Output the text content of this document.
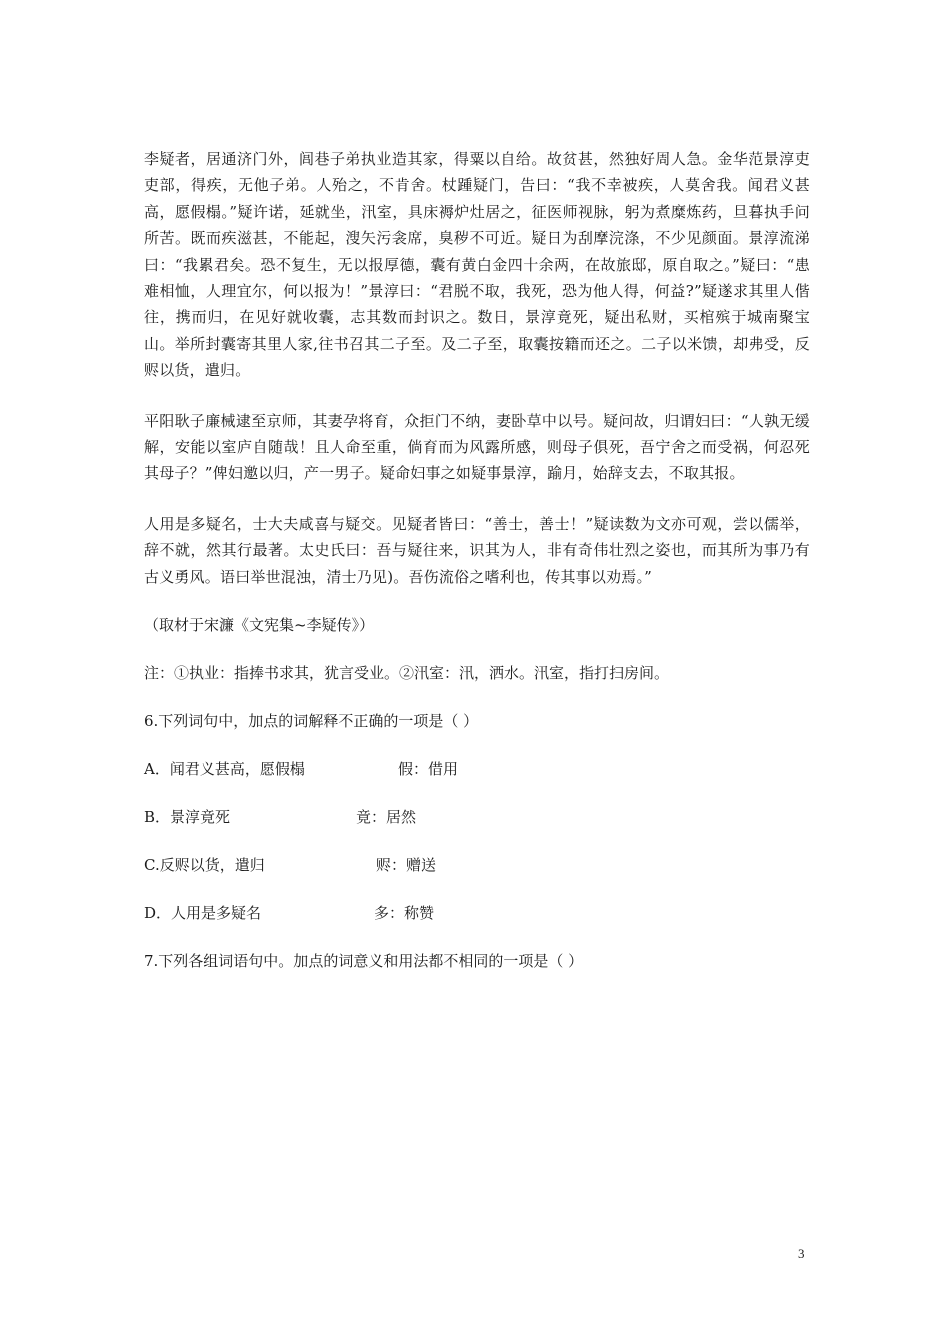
李疑者，居通济门外，闾巷子弟执业造其家，得粟以自给。故贫甚，然独好周人急。金华范景淳吏吏部，得疾，无他子弟。人殆之，不肯舍。杖踵疑门，告曰：“我不幸被疾，人莫舍我。闻君义甚高，愿假榻。”疑许诺，延就坐，汛室，具床褥炉灶居之，征医师视脉，躬为煮糜炼药，旦暮执手问所苦。既而疾滋甚，不能起，溲矢污衾席，臭秽不可近。疑日为刮摩浣涤，不少见颜面。景淳流涕曰：“我累君矣。恐不复生，无以报厚德，囊有黄白金四十余两，在故旅邸，原自取之。”疑曰：“患难相恤，人理宜尔，何以报为！”景淳曰：“君脱不取，我死，恐为他人得，何益?”疑遂求其里人偕往，携而归，在见好就收囊，志其数而封识之。数日，景淳竟死，疑出私财，买棺殡于城南聚宝山。举所封囊寄其里人家,往书召其二子至。及二子至，取囊按籍而还之。二子以米馈，却弗受，反赆以货，遣归。

平阳耿子廉械逮至京师，其妻孕将育，众拒门不纳，妻卧草中以号。疑问故，归谓妇曰：“人孰无缓解，安能以室庐自随哉！且人命至重，倘育而为风露所感，则母子俱死，吾宁舍之而受祸，何忍死其母子？”俾妇邀以归，产一男子。疑命妇事之如疑事景淳，踰月，始辞支去，不取其报。

人用是多疑名，士大夫咸喜与疑交。见疑者皆曰：“善士，善士！”疑读数为文亦可观，尝以儒举，辞不就，然其行最著。太史氏曰：吾与疑往来，识其为人，非有奇伟壮烈之姿也，而其所为事乃有古义勇风。语曰举世混浊，清士乃见)。吾伤流俗之嗜利也，传其事以劝焉。”

（取材于宋濂《文宪集~李疑传》）

注：①执业：指捧书求其，犹言受业。②汛室：汛，洒水。汛室，指打扫房间。

6.下列词句中，加点的词解释不正确的一项是（ ）

A．闻君义甚高，愿假榻	假：借用
B．景淳竟死	竟：居然
C.反赆以货，遣归	赆：赠送
D．人用是多疑名	多：称赞

7.下列各组词语句中。加点的词意义和用法都不相同的一项是（ ）

3
